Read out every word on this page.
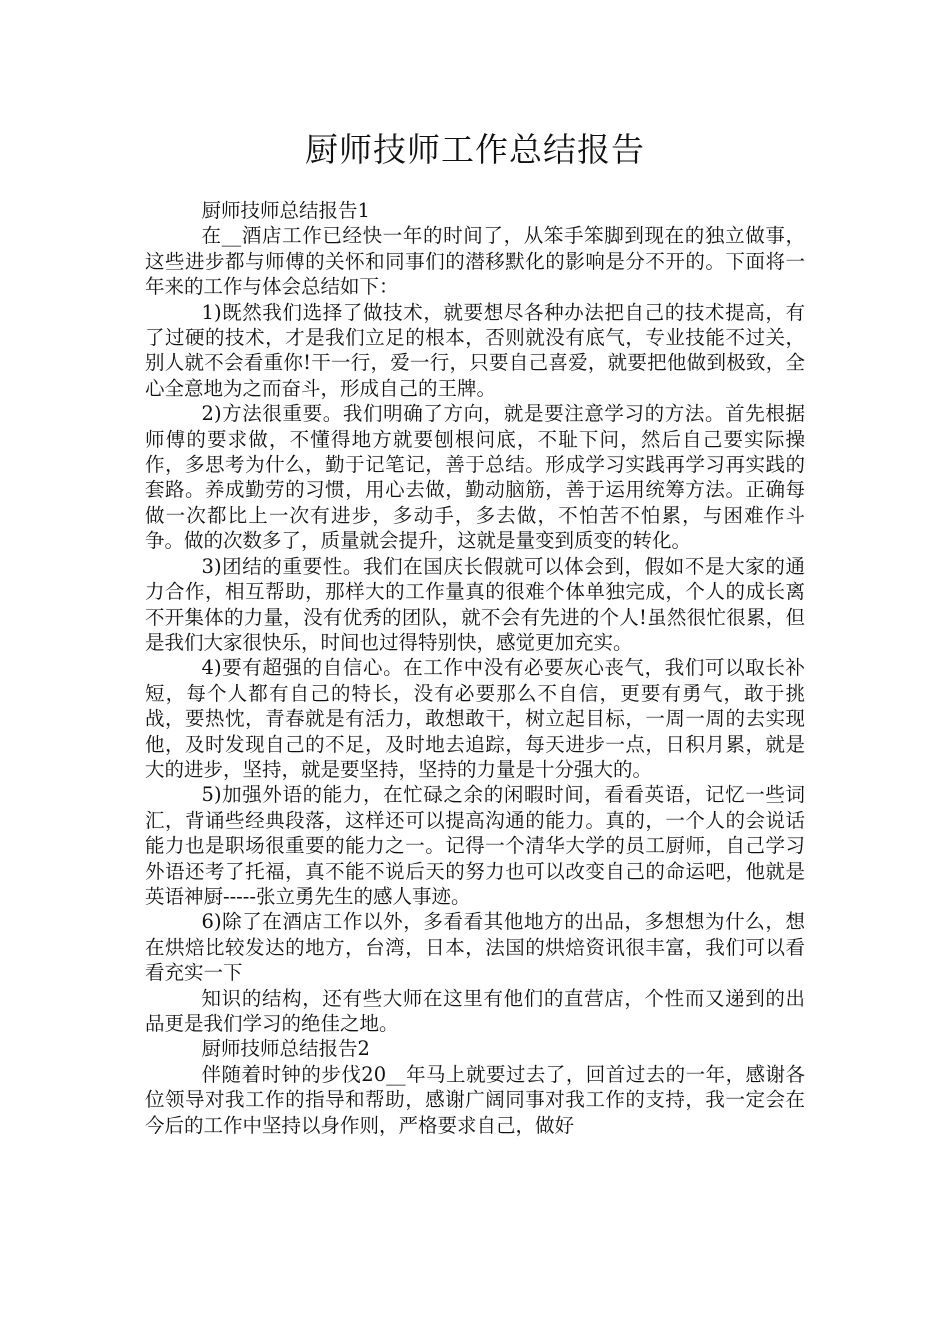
厨师技师工作总结报告

厨师技师总结报告1

在__酒店工作已经快一年的时间了，从笨手笨脚到现在的独立做事，这些进步都与师傅的关怀和同事们的潜移默化的影响是分不开的。下面将一年来的工作与体会总结如下：

1)既然我们选择了做技术，就要想尽各种办法把自己的技术提高，有了过硬的技术，才是我们立足的根本，否则就没有底气，专业技能不过关，别人就不会看重你!干一行，爱一行，只要自己喜爱，就要把他做到极致，全心全意地为之而奋斗，形成自己的王牌。

2)方法很重要。我们明确了方向，就是要注意学习的方法。首先根据师傅的要求做，不懂得地方就要刨根问底，不耻下问，然后自己要实际操作，多思考为什么，勤于记笔记，善于总结。形成学习实践再学习再实践的套路。养成勤劳的习惯，用心去做，勤动脑筋，善于运用统筹方法。正确每做一次都比上一次有进步，多动手，多去做，不怕苦不怕累，与困难作斗争。做的次数多了，质量就会提升，这就是量变到质变的转化。

3)团结的重要性。我们在国庆长假就可以体会到，假如不是大家的通力合作，相互帮助，那样大的工作量真的很难个体单独完成，个人的成长离不开集体的力量，没有优秀的团队，就不会有先进的个人!虽然很忙很累，但是我们大家很快乐，时间也过得特别快，感觉更加充实。

4)要有超强的自信心。在工作中没有必要灰心丧气，我们可以取长补短，每个人都有自己的特长，没有必要那么不自信，更要有勇气，敢于挑战，要热忱，青春就是有活力，敢想敢干，树立起目标，一周一周的去实现他，及时发现自己的不足，及时地去追踪，每天进步一点，日积月累，就是大的进步，坚持，就是要坚持，坚持的力量是十分强大的。

5)加强外语的能力，在忙碌之余的闲暇时间，看看英语，记忆一些词汇，背诵些经典段落，这样还可以提高沟通的能力。真的，一个人的会说话能力也是职场很重要的能力之一。记得一个清华大学的员工厨师，自己学习外语还考了托福，真不能不说后天的努力也可以改变自己的命运吧，他就是英语神厨-----张立勇先生的感人事迹。

6)除了在酒店工作以外，多看看其他地方的出品，多想想为什么，想在烘焙比较发达的地方，台湾，日本，法国的烘焙资讯很丰富，我们可以看看充实一下

知识的结构，还有些大师在这里有他们的直营店，个性而又递到的出品更是我们学习的绝佳之地。

厨师技师总结报告2

伴随着时钟的步伐20__年马上就要过去了，回首过去的一年，感谢各位领导对我工作的指导和帮助，感谢广阔同事对我工作的支持，我一定会在今后的工作中坚持以身作则，严格要求自己，做好
